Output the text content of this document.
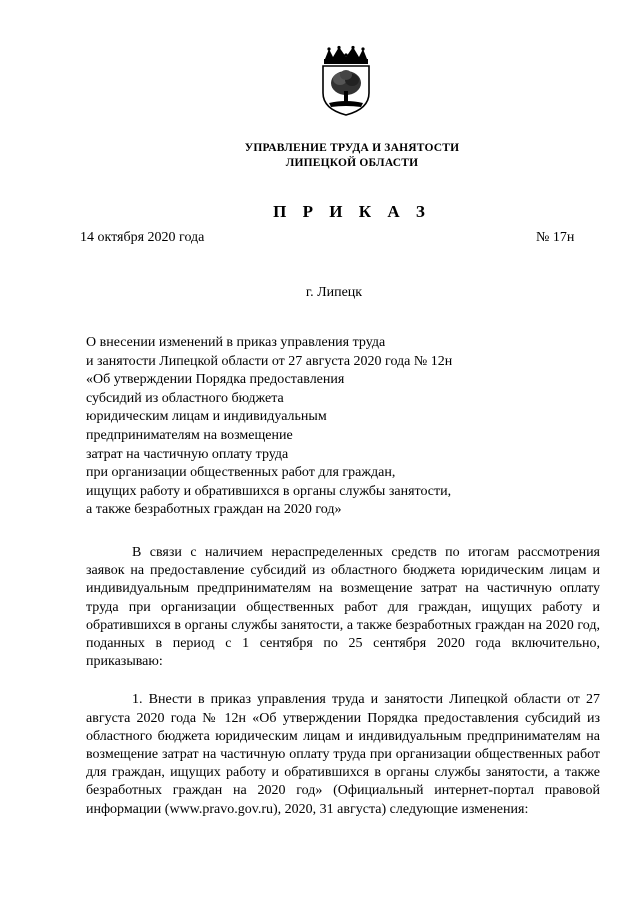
УПРАВЛЕНИЕ ТРУДА И ЗАНЯТОСТИ
ЛИПЕЦКОЙ ОБЛАСТИ
П Р И К А З
14 октября 2020 года	№ 17н
г. Липецк
О внесении изменений в приказ управления труда
и занятости Липецкой области от 27 августа 2020 года № 12н
«Об утверждении Порядка предоставления
субсидий из областного бюджета
юридическим лицам и индивидуальным
предпринимателям на возмещение
затрат на частичную оплату труда
при организации общественных работ для граждан,
ищущих работу и обратившихся в органы службы занятости,
а также безработных граждан на 2020 год»

В связи с наличием нераспределенных средств по итогам рассмотрения заявок на предоставление субсидий из областного бюджета юридическим лицам и индивидуальным предпринимателям на возмещение затрат на частичную оплату труда при организации общественных работ для граждан, ищущих работу и обратившихся в органы службы занятости, а также безработных граждан на 2020 год, поданных в период с 1 сентября по 25 сентября 2020 года включительно, приказываю:

1. Внести в приказ управления труда и занятости Липецкой области от 27 августа 2020 года № 12н «Об утверждении Порядка предоставления субсидий из областного бюджета юридическим лицам и индивидуальным предпринимателям на возмещение затрат на частичную оплату труда при организации общественных работ для граждан, ищущих работу и обратившихся в органы службы занятости, а также безработных граждан на 2020 год» (Официальный интернет-портал правовой информации (www.pravo.gov.ru), 2020, 31 августа) следующие изменения:
